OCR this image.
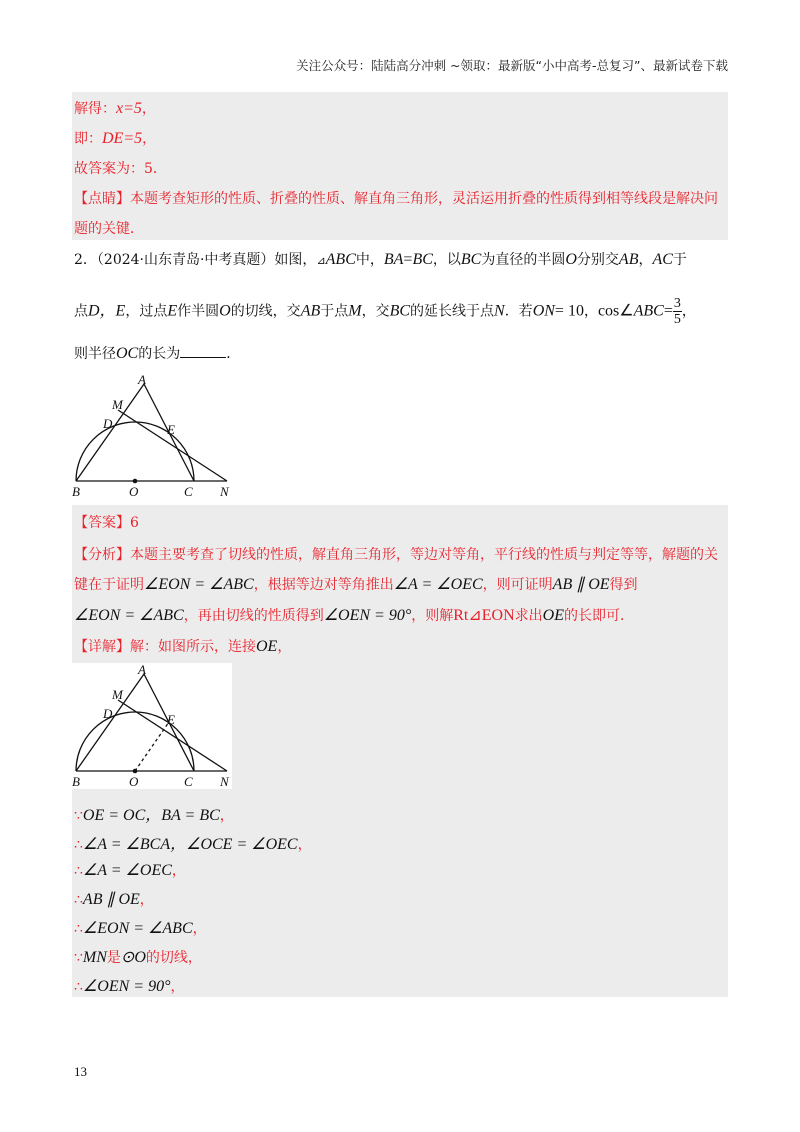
关注公众号：陆陆高分冲刺 ~领取：最新版“小中高考-总复习”、最新试卷下载
解得：x=5，
即：DE=5，
故答案为：5．
【点睛】本题考查矩形的性质、折叠的性质、解直角三角形，灵活运用折叠的性质得到相等线段是解决问
题的关键．
2．（2024·山东青岛·中考真题）如图，⊿ABC中，BA=BC，以BC为直径的半圆O分别交AB，AC于
点D，E，过点E作半圆O的切线，交AB于点M，交BC的延长线于点N．若ON= 10，cos∠ABC= $\frac{3}{5}$ ，
则半径OC的长为	．
A
M
D	E
B	O	C N
【答案】6
【分析】本题主要考查了切线的性质，解直角三角形，等边对等角，平行线的性质与判定等等，解题的关
键在于证明∠EON = ∠ABC，根据等边对等角推出∠A = ∠OEC，则可证明AB ∥ OE得到
∠EON = ∠ABC，再由切线的性质得到∠OEN = 90°，则解Rt⊿EON求出OE的长即可．
【详解】解：如图所示，连接OE，
A
M
D	E
B	O	C N
∵OE = OC，BA = BC，
∴∠A = ∠BCA，∠OCE = ∠OEC，
∴∠A = ∠OEC，
∴AB ∥ OE，
∴∠EON = ∠ABC，
∵MN是⊙O的切线，
∴∠OEN = 90°，
13
